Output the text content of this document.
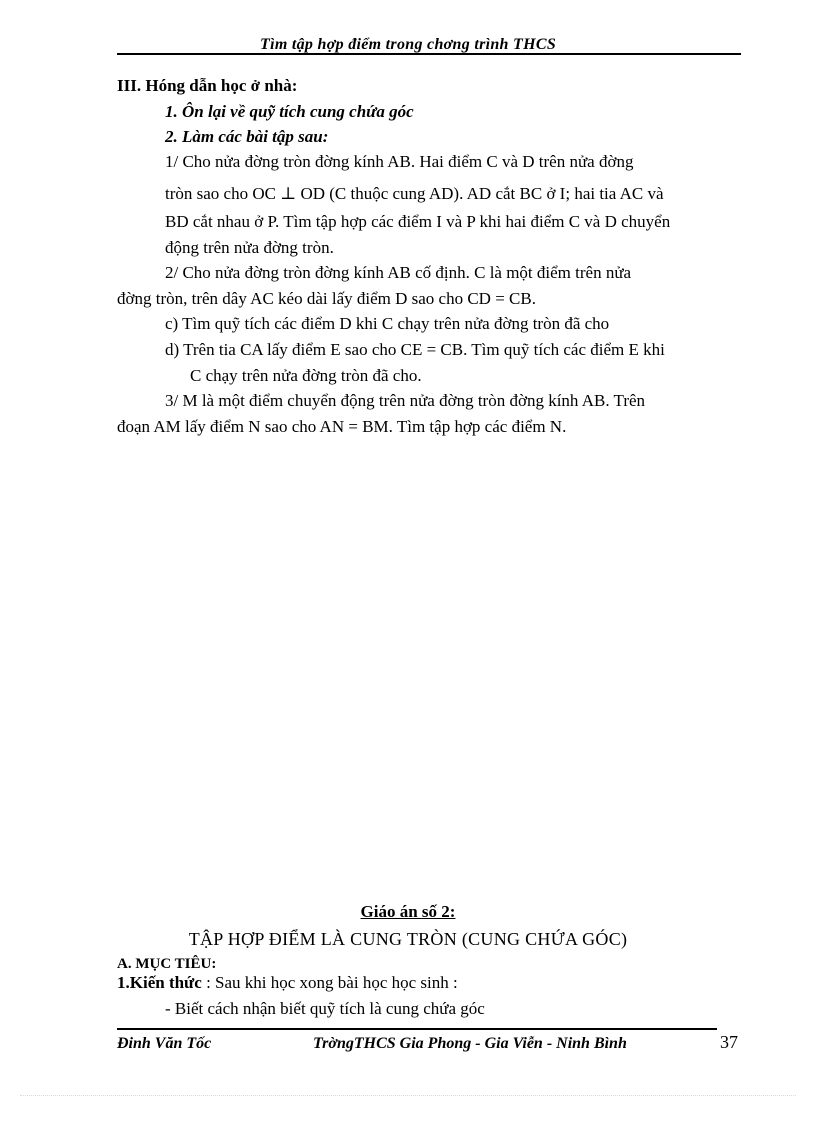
Tìm tập hợp điểm trong chơng trình THCS
III. Hóng dẫn học ở nhà:
1. Ôn lại về quỹ tích cung chứa góc
2. Làm các bài tập sau:
1/ Cho nửa đờng tròn đờng kính AB. Hai điểm C và D trên nửa đờng
tròn sao cho OC ⊥ OD (C thuộc cung AD). AD cắt BC ở I; hai tia AC và
BD cắt nhau ở P. Tìm tập hợp các điểm I và P khi hai điểm C và D chuyển
động trên nửa đờng tròn.
2/ Cho nửa đờng tròn đờng kính AB cố định. C là một điểm trên nửa
đờng tròn, trên dây AC kéo dài lấy điểm D sao cho CD = CB.
c) Tìm quỹ tích các điểm D khi C chạy trên nửa đờng tròn đã cho
d) Trên tia CA lấy điểm E sao cho CE = CB. Tìm quỹ tích các điểm E khi
C chạy trên nửa đờng tròn đã cho.
3/ M là một điểm chuyển động trên nửa đờng tròn đờng kính AB. Trên
đoạn AM lấy điểm N sao cho AN = BM. Tìm tập hợp các điểm N.
Giáo án số 2:
TẬP HỢP ĐIỂM LÀ CUNG TRÒN (CUNG CHỨA GÓC)
A. MỤC TIÊU:
1.Kiến thức : Sau khi học xong bài học học sinh :
- Biết cách nhận biết quỹ tích là cung chứa góc
Đinh Văn Tốc	TrờngTHCS Gia Phong - Gia Viễn - Ninh Bình	37
